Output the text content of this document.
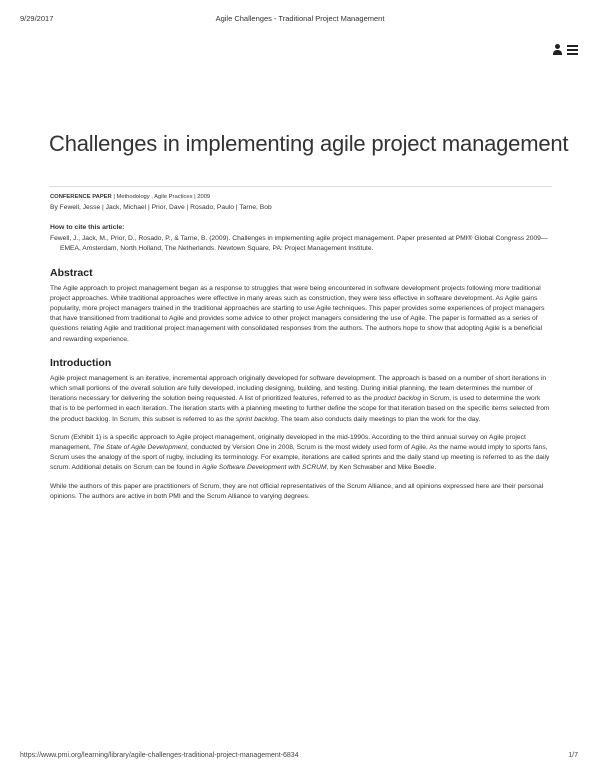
9/29/2017	Agile Challenges - Traditional Project Management

Challenges in implementing agile project management
CONFERENCE PAPER | Methodology , Agile Practices | 2009
By Fewell, Jesse | Jack, Michael | Prior, Dave | Rosado, Paulo | Tarne, Bob
How to cite this article:
Fewell, J., Jack, M., Prior, D., Rosado, P., & Tarne, B. (2009). Challenges in implementing agile project management. Paper presented at PMI® Global Congress 2009—EMEA, Amsterdam, North Holland, The Netherlands. Newtown Square, PA: Project Management Institute.
Abstract

The Agile approach to project management began as a response to struggles that were being encountered in software development projects following more traditional project approaches. While traditional approaches were effective in many areas such as construction, they were less effective in software development. As Agile gains popularity, more project managers trained in the traditional approaches are starting to use Agile techniques. This paper provides some experiences of project managers that have transitioned from traditional to Agile and provides some advice to other project managers considering the use of Agile. The paper is formatted as a series of questions relating Agile and traditional project management with consolidated responses from the authors. The authors hope to show that adopting Agile is a beneficial and rewarding experience.

Introduction

Agile project management is an iterative, incremental approach originally developed for software development. The approach is based on a number of short iterations in which small portions of the overall solution are fully developed, including designing, building, and testing. During initial planning, the team determines the number of iterations necessary for delivering the solution being requested. A list of prioritized features, referred to as the product backlog in Scrum, is used to determine the work that is to be performed in each iteration. The iteration starts with a planning meeting to further define the scope for that iteration based on the specific items selected from the product backlog. In Scrum, this subset is referred to as the sprint backlog. The team also conducts daily meetings to plan the work for the day.

Scrum (Exhibit 1) is a specific approach to Agile project management, originally developed in the mid-1990s. According to the third annual survey on Agile project management, The State of Agile Development, conducted by Version One in 2008, Scrum is the most widely used form of Agile. As the name would imply to sports fans, Scrum uses the analogy of the sport of rugby, including its terminology. For example, iterations are called sprints and the daily stand up meeting is referred to as the daily scrum. Additional details on Scrum can be found in Agile Software Development with SCRUM, by Ken Schwaber and Mike Beedle.

While the authors of this paper are practitioners of Scrum, they are not official representatives of the Scrum Alliance, and all opinions expressed here are their personal opinions. The authors are active in both PMI and the Scrum Alliance to varying degrees.

https://www.pmi.org/learning/library/agile-challenges-traditional-project-management-6834	1/7
